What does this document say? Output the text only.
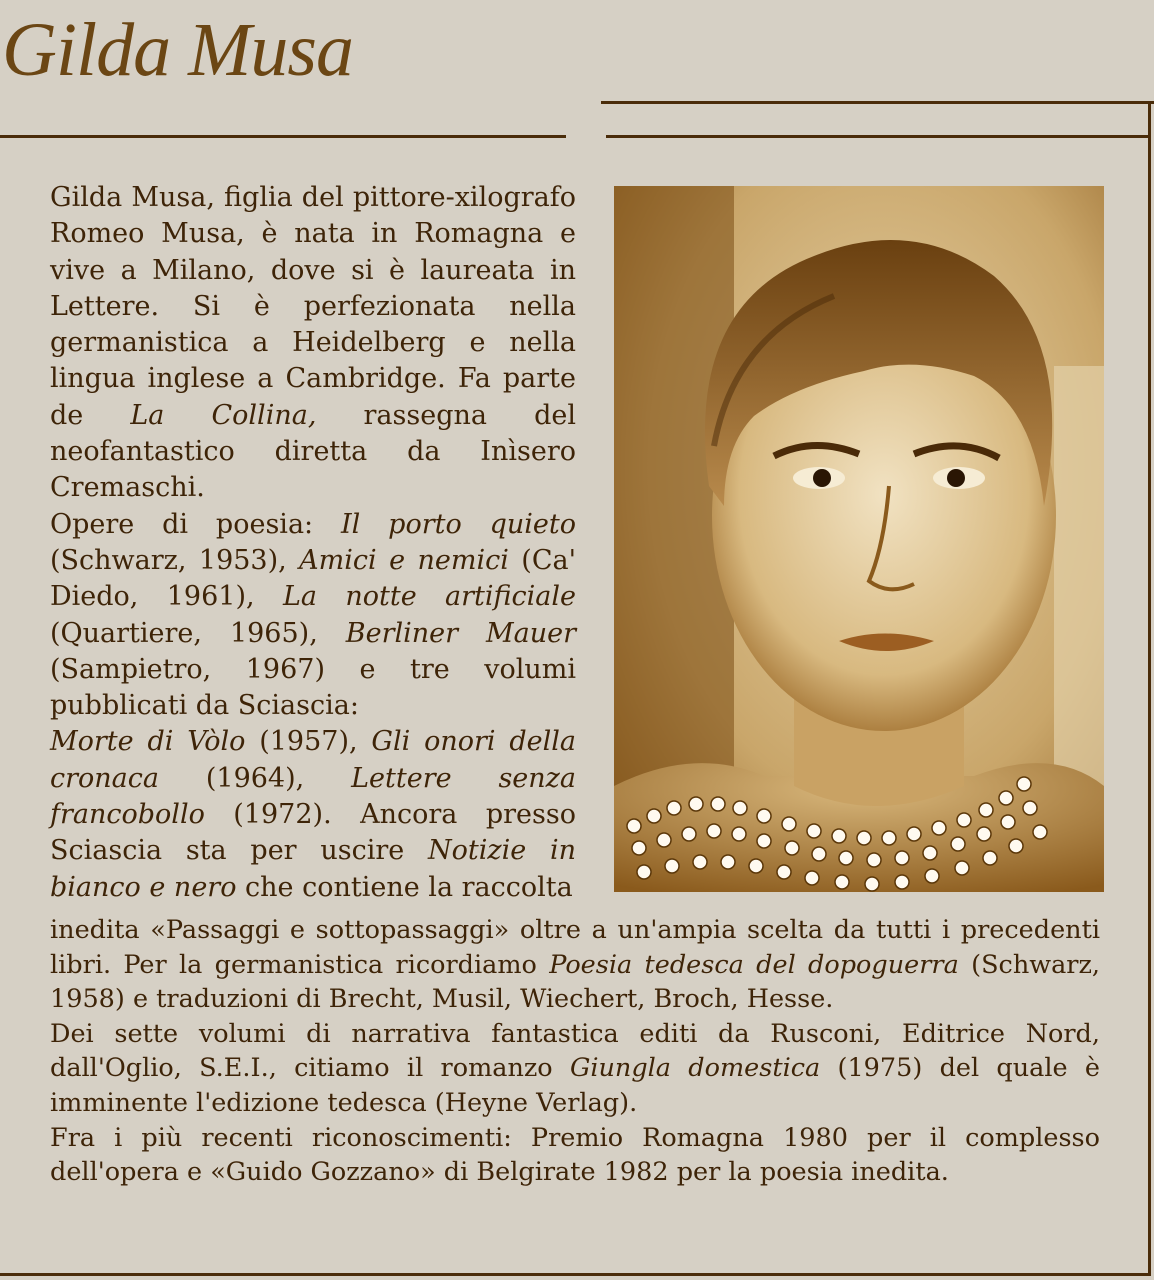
Gilda Musa

Gilda Musa, figlia del pittore-xilografo Romeo Musa, è nata in Romagna e vive a Milano, dove si è laureata in Lettere. Si è perfezionata nella germanistica a Heidelberg e nella lingua inglese a Cambridge. Fa parte de La Collina, rassegna del neofantastico diretta da Inìsero Cremaschi.

Opere di poesia: Il porto quieto (Schwarz, 1953), Amici e nemici (Ca' Diedo, 1961), La notte artificiale (Quartiere, 1965), Berliner Mauer (Sampietro, 1967) e tre volumi pubblicati da Sciascia:

Morte di Vòlo (1957), Gli onori della cronaca (1964), Lettere senza francobollo (1972). Ancora presso Sciascia sta per uscire Notizie in bianco e nero che contiene la raccolta

inedita «Passaggi e sottopassaggi» oltre a un'ampia scelta da tutti i precedenti libri. Per la germanistica ricordiamo Poesia tedesca del dopoguerra (Schwarz, 1958) e traduzioni di Brecht, Musil, Wiechert, Broch, Hesse.

Dei sette volumi di narrativa fantastica editi da Rusconi, Editrice Nord, dall'Oglio, S.E.I., citiamo il romanzo Giungla domestica (1975) del quale è imminente l'edizione tedesca (Heyne Verlag).

Fra i più recenti riconoscimenti: Premio Romagna 1980 per il complesso dell'opera e «Guido Gozzano» di Belgirate 1982 per la poesia inedita.
